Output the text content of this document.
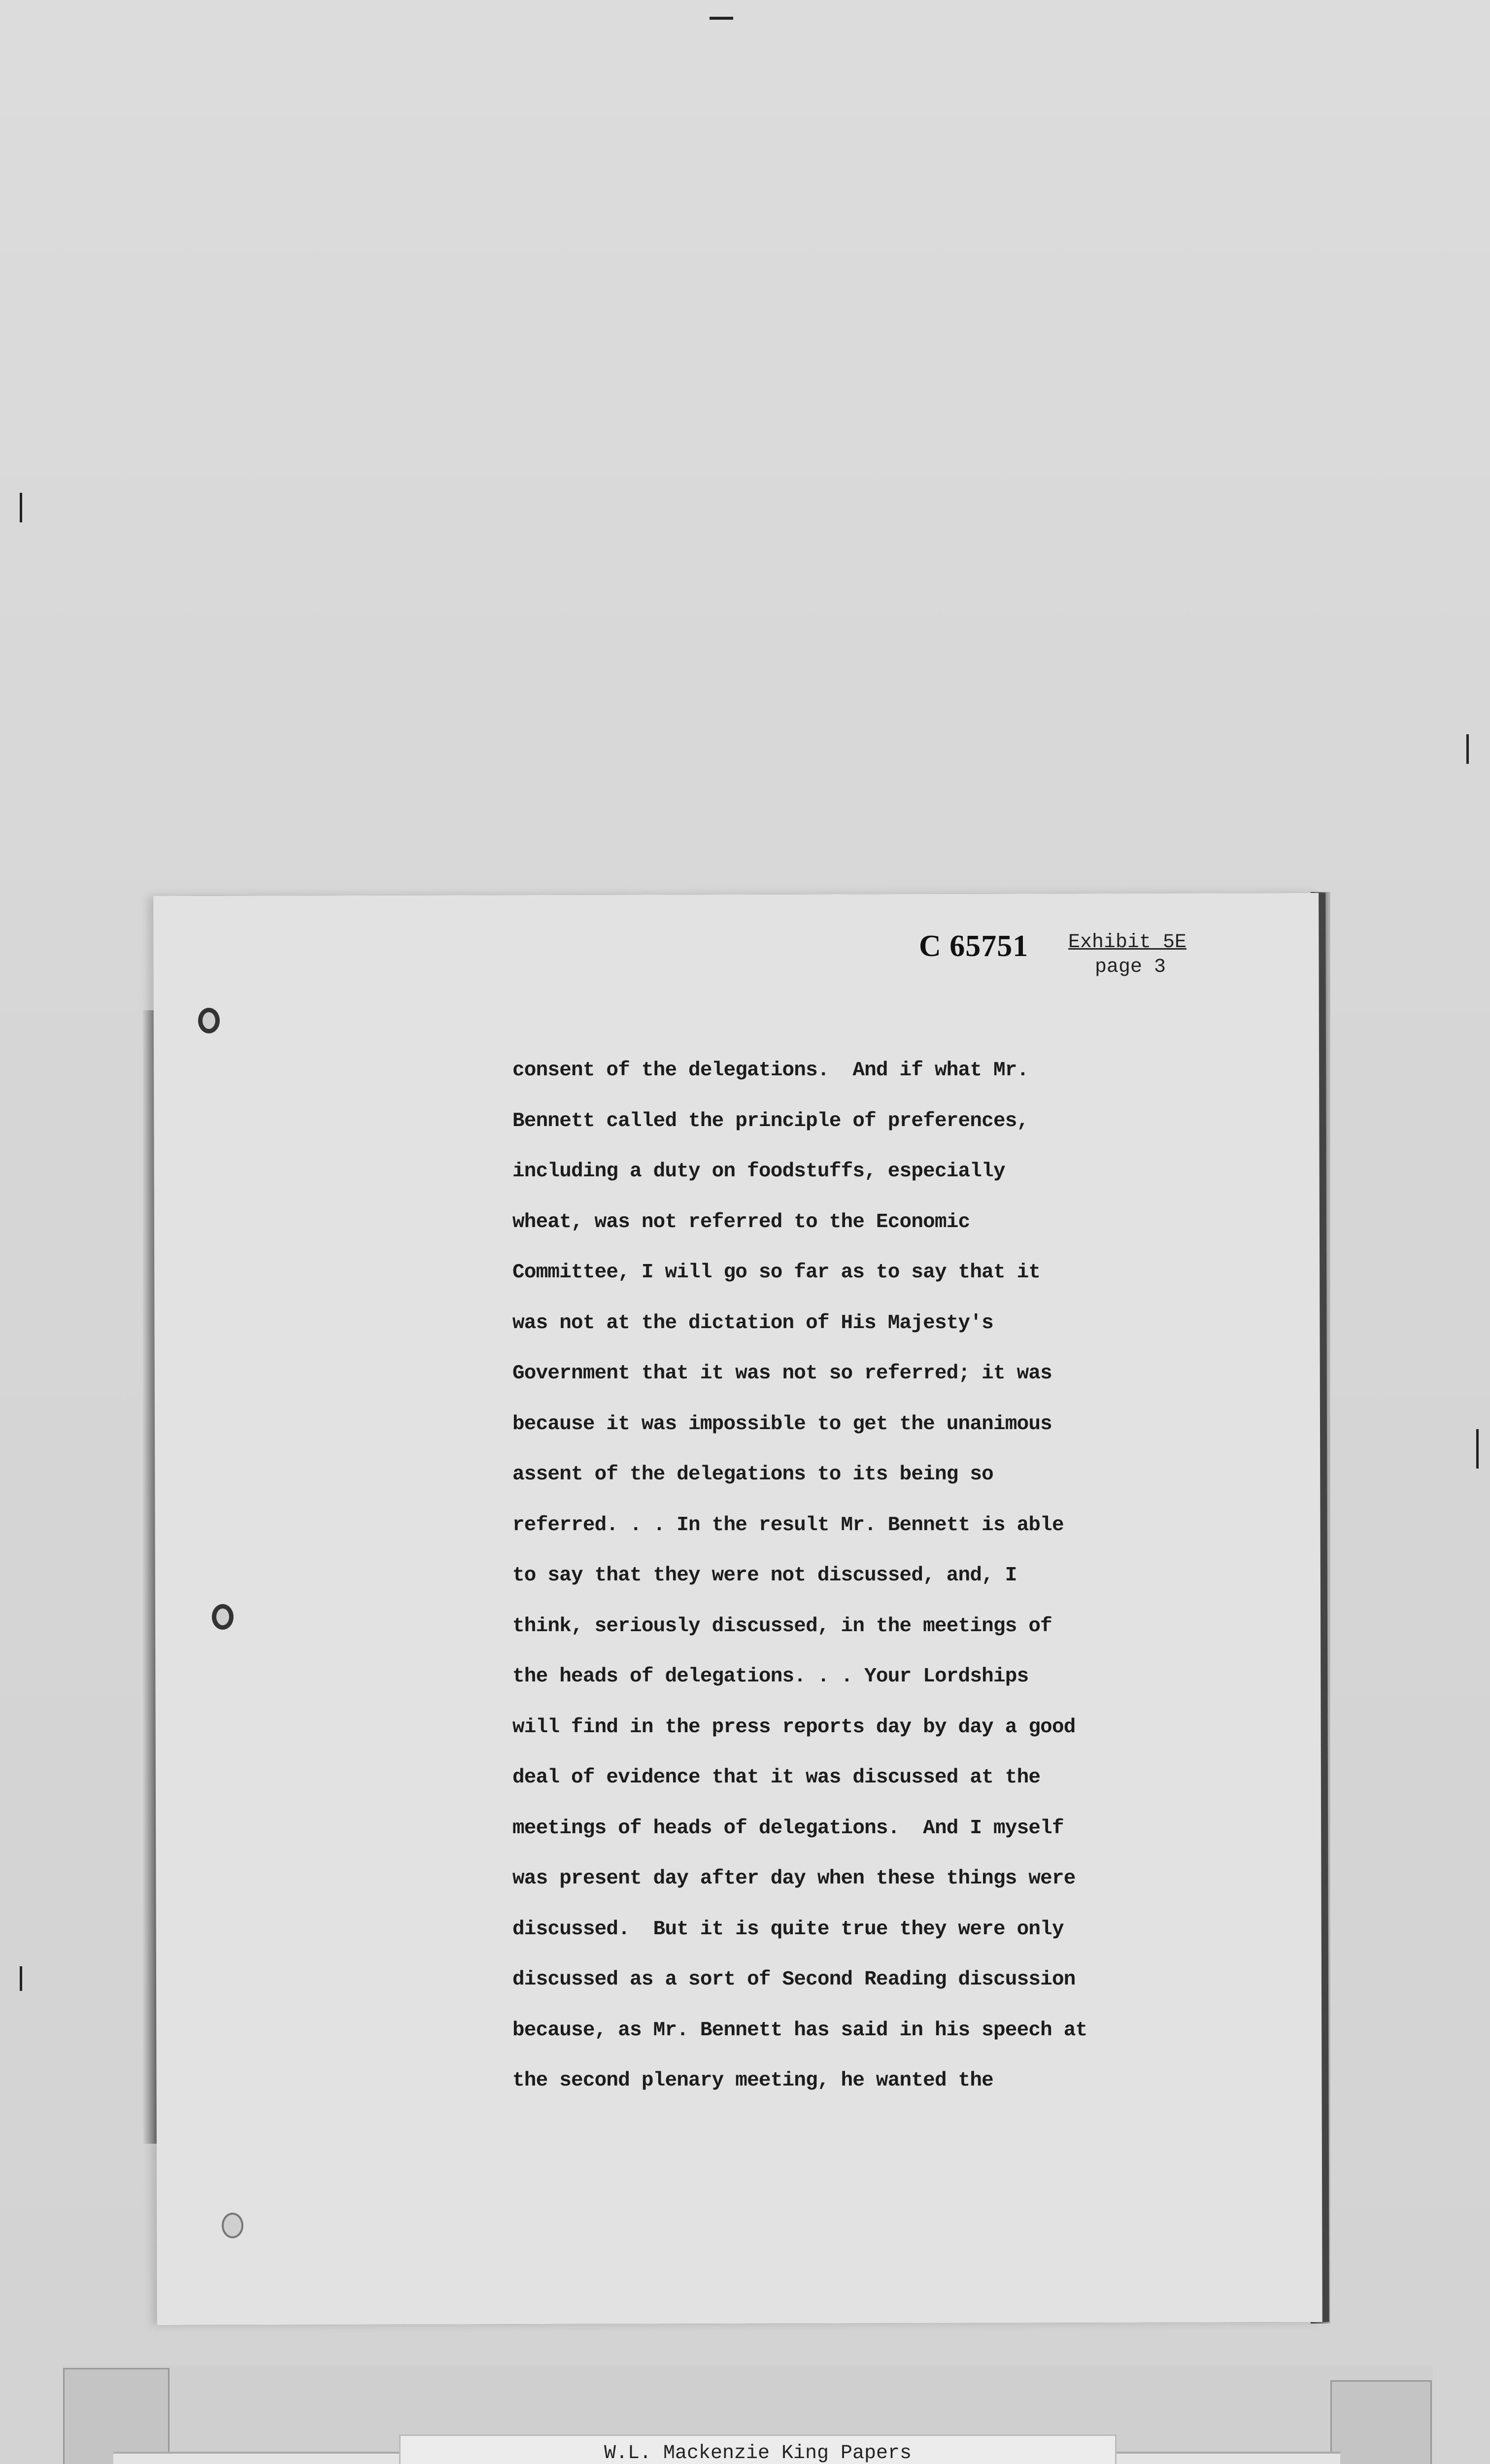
C 65751 Exhibit 5E
page 3
consent of the delegations.  And if what Mr.
Bennett called the principle of preferences,
including a duty on foodstuffs, especially
wheat, was not referred to the Economic
Committee, I will go so far as to say that it
was not at the dictation of His Majesty's
Government that it was not so referred; it was
because it was impossible to get the unanimous
assent of the delegations to its being so
referred. . . In the result Mr. Bennett is able
to say that they were not discussed, and, I
think, seriously discussed, in the meetings of
the heads of delegations. . . Your Lordships
will find in the press reports day by day a good
deal of evidence that it was discussed at the
meetings of heads of delegations.  And I myself
was present day after day when these things were
discussed.  But it is quite true they were only
discussed as a sort of Second Reading discussion
because, as Mr. Bennett has said in his speech at
the second plenary meeting, he wanted the
W.L. Mackenzie King Papers
